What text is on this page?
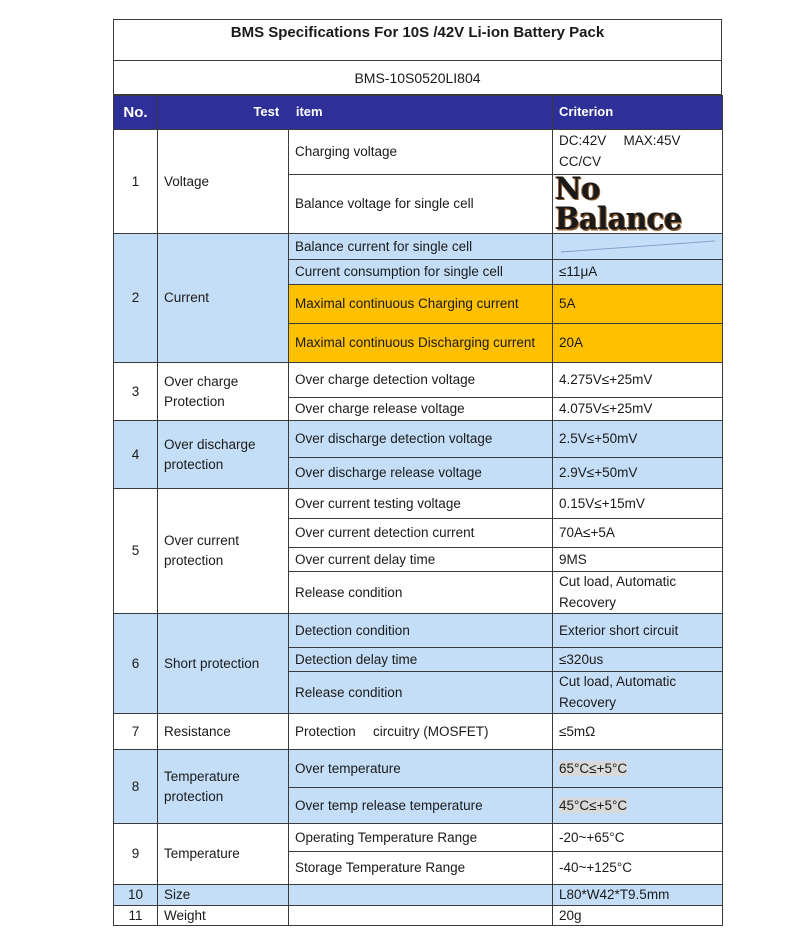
BMS Specifications For 10S /42V Li-ion Battery Pack
BMS-10S0520LI804
No.	Test　 item		Criterion
1	Voltage	Charging voltage	DC:42V　 MAX:45V CC/CV
		Balance voltage for single cell	No Balance

2	Current	Balance current for single cell	

		Current consumption for single cell	≤11μA
		Maximal continuous Charging current	5A
		Maximal continuous Discharging current	20A
3	Over charge Protection	Over charge detection voltage	4.275V≤+25mV
		Over charge release voltage	4.075V≤+25mV
4	Over discharge protection	Over discharge detection voltage	2.5V≤+50mV
		Over discharge release voltage	2.9V≤+50mV
5	Over current protection	Over current testing voltage	0.15V≤+15mV
		Over current detection current	70A≤+5A
		Over current delay time	9MS
		Release condition	Cut load, Automatic Recovery
6	Short protection	Detection condition	Exterior short circuit
		Detection delay time	≤320us
		Release condition	Cut load, Automatic Recovery
7	Resistance	Protection　 circuitry (MOSFET)	≤5mΩ
8	Temperature protection	Over temperature	65°C≤+5°C
		Over temp release temperature	45°C≤+5°C
9	Temperature	Operating Temperature Range	-20~+65°C
		Storage Temperature Range	-40~+125°C
10	Size		L80*W42*T9.5mm
11	Weight		20g
